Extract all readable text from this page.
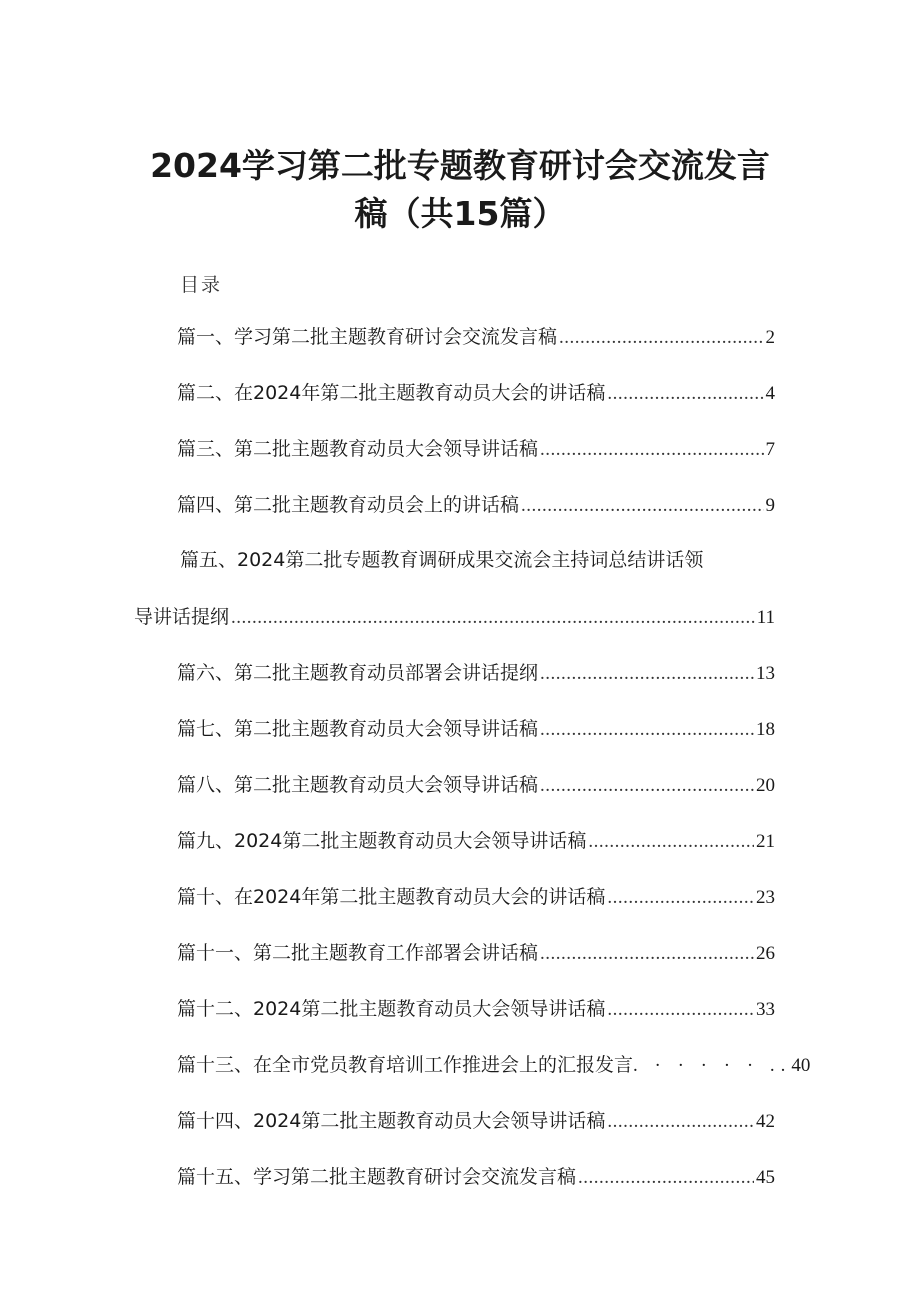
2024学习第二批专题教育研讨会交流发言
稿（共15篇）
目录
篇一、学习第二批主题教育研讨会交流发言稿 .....	2
篇二、在2024年第二批主题教育动员大会的讲话稿 .....	4
篇三、第二批主题教育动员大会领导讲话稿 .....	7
篇四、第二批主题教育动员会上的讲话稿 .....	9
篇五、2024第二批专题教育调研成果交流会主持词总结讲话领
导讲话提纲 .....	11
篇六、第二批主题教育动员部署会讲话提纲 .....	13
篇七、第二批主题教育动员大会领导讲话稿 .....	18
篇八、第二批主题教育动员大会领导讲话稿 .....	20
篇九、2024第二批主题教育动员大会领导讲话稿 .....	21
篇十、在2024年第二批主题教育动员大会的讲话稿 .....	23
篇十一、第二批主题教育工作部署会讲话稿 .....	26
篇十二、2024第二批主题教育动员大会领导讲话稿 .....	33
篇十三、在全市党员教育培训工作推进会上的汇报发言 . · · · · · .. 40
篇十四、2024第二批主题教育动员大会领导讲话稿 .....	42
篇十五、学习第二批主题教育研讨会交流发言稿 .....	45
